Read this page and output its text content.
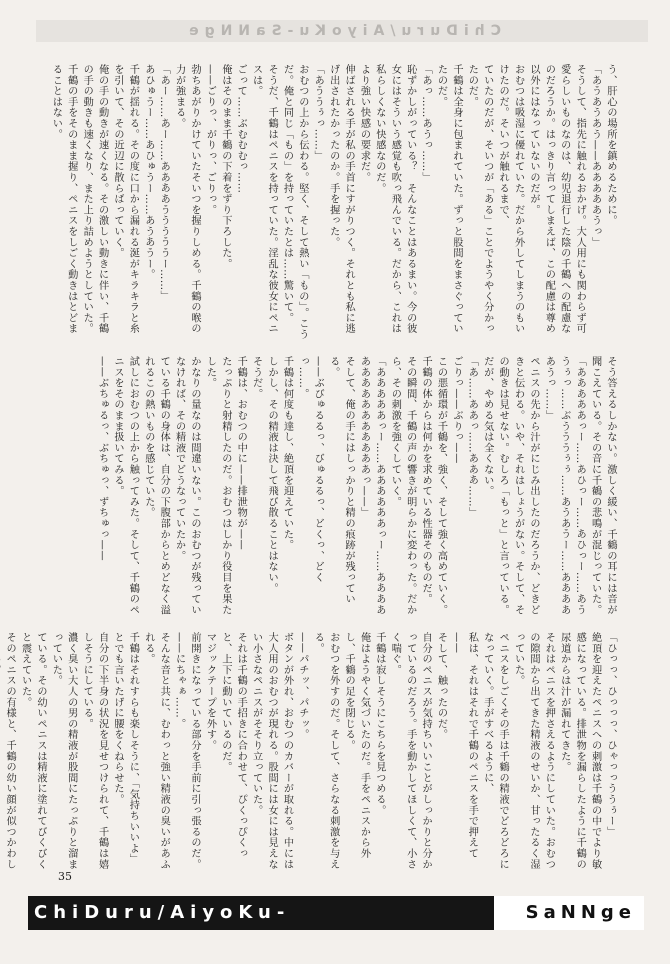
ChiDuru/AiyoKu-SaNNge

う、肝心の場所を鎮めるために。

「あうあうあう——あああああうっ」

そうして、指先に触れるおかげ。大人用にも関わらず可愛らしいものなのは、幼児退行した陰の千鶴への配慮なのだろうか。はっきり言ってしまえば、この配慮は尊め以外にはなっていないのだが。

おむつは吸湿に優れていた。だから外してしまうのもいけたのだ。そいつが触れるまで、

ていたのだが、そいつが「ある」ことでようやく分かったのだ。

千鶴は全身に包まれていた。ずっと股間をまさぐっていたのだ。

「あっ……あうっ……」

恥ずかしがっている？　そんなことはあるまい。今の彼女にはそういう感覚も吹っ飛んでいる。だから、これは私らしくない快感なのだ。

より強い快感の要求だ。

伸ばされる手が私の手首にすがりつく。それとも私に逃げ出されたかったのか。手を握った。

「あううぅっ……」

おむつの上から伝わる。堅く、そして熱い「もの」。こうだ。俺と同じ「もの」を持っていたとは……驚いて。

そうだ、千鶴はペニスを持っていた。淫乱な彼女にペニスは。

ごって……ぶむむむっ……

俺はそのまま千鶴の下着をずり下ろした。

——ごりっ、がりっ、ごりっ。

勃ちあがりかけていたそいつを握りしめる。千鶴の喉の力が強まる。

「あー……あー……ああああうううううー……」

あひゅうー……あひゅうー……あうあうー。

千鶴が揺れる。その度に口から漏れる涎がキラキラと糸を引いて、その近辺に散らばっていく。

俺の手の動きが速くなる。その激しい動きに伴い、千鶴の手の動きも速くなり、また上り詰めようとしていた。千鶴の手をそのまま握り、ペニスをしごく動きはとどまることはない。

そう答えるしかない。激しく緩い、千鶴の耳には音が聞こえている。その音に千鶴の悲鳴が混じっていた。

「あああああっー……あひっー……あひっー……あううぅっ……ぶうううぅぅ……あうあうー……あああああうっ……」

ペニスの先から汁がにじみ出したのだろうか、どきどきと伝わる。いや、それはしょうがない。そして、その動きは見せない。むしろ「もっと」と言っている。だが、やめる気は全くない。

「あ……ああっ……あああ……」

ごりっ——ぶりっ——

この悪循環が千鶴を、強く、そして強く高めていく。

千鶴の体からは何かを求めている性器そのものだ。

その瞬間、千鶴の声の響きが明らかに変わった。だから、その刺激を強くしていく。

「あああああっー……ああああああっー……あああああああああああああああっ——」

そして、俺の手にはしっかりと精の痕跡が残っている。

——ぶびゅるるっ、びゅるるっ、どくっ、どくっ……。

千鶴は何度も達し、絶頂を迎えていた。

しかし、その精液は決して飛び散ることはない。

そうだ。

千鶴は、おむつの中に——排泄物が——

たっぷりと射精したのだ。おむつはしかり役目を果たした。

かなりの量なのは間違いない。このおむつが残っていなければ、その精液でどうなっていたか。

ている千鶴の身体は、自分の下腹部からとめどなく溢れるこの熱いものを感じていた。

試しにおむつの上から触ってみた。そして、千鶴のペニスをそのまま扱いてみる。

——ぶちゅるっ、ぶちゅっ、ずちゅっ——

「ひっっ、ひっっっ、ひゃっっううぅー」

絶頂を迎えたペニスへの刺激は千鶴の中でより敏感になっている。排泄物を漏らしたように千鶴の尿道からは汁が漏れてきた。

それはペニスを押さえるようにしていた。おむつの隙間から出てきた精液のせいか、甘ったるく湿っていた。

ペニスをしごくその手は千鶴の精液でどろどろになっていく。手がすべるように、

私は、それはそれで千鶴のペニスを手で押えて——

そして、触ったのだ。

自分のペニスが気持ちいいことがしっかりと分かっているのだろう。手を動かしてほしくて、小さく喘ぐ。

千鶴は寂しそうにこちらを見つめる。

俺はようやく気づいたのだ。手をペニスから外し、千鶴の足を閉じる。

おむつを外すのだ。そして、さらなる刺激を与える。

——パチッ、パチッ。

ボタンが外れ、おむつのカバーが取れる。中には大人用のおむつが現れる。股間には女には見えない小さなペニスがそそり立っていた。

それは千鶴の手招きに合わせて、ぴくっぴくっと、上下に動いているのだ。

マジックテープを外す。

前開きになっている部分を手前に引っ張るのだ。

——にちゃぁ……。

そんな音と共に、むわっと強い精液の臭いがあふれる。

千鶴はそれすらも楽しそうに、「気持ちいいよ」とでも言いたげに腰をくねらせた。

自分の下半身の状況を見せつけられて、千鶴は嬉しそうにしている。

濃く臭い大人の男の精液が股間にたっぷりと溜まっていた。

ている。その幼いペニスは精液に塗れてびくびくと震えていた。

そのペニスの有様と、千鶴の幼い顔が似つかわし

35
ChiDuru/AiyoKu-	SaNNge
